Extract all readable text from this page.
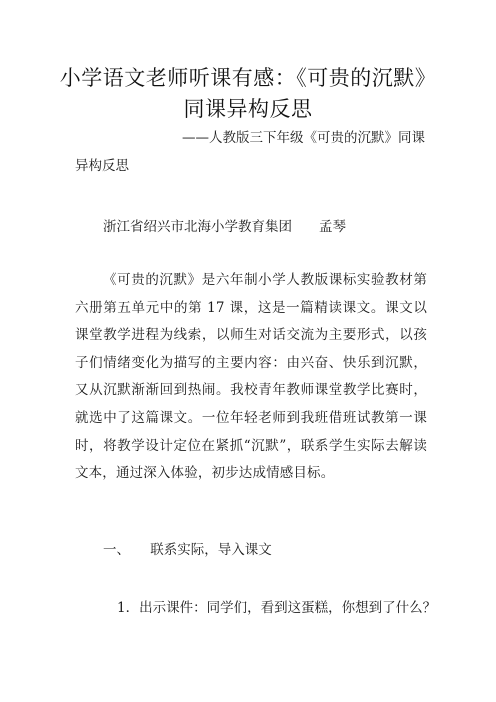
小学语文老师听课有感：《可贵的沉默》
同课异构反思
——人教版三下年级《可贵的沉默》同课
异构反思
浙江省绍兴市北海小学教育集团　　孟琴
《可贵的沉默》是六年制小学人教版课标实验教材第六册第五单元中的第 17 课，这是一篇精读课文。课文以课堂教学进程为线索，以师生对话交流为主要形式，以孩子们情绪变化为描写的主要内容：由兴奋、快乐到沉默，又从沉默渐渐回到热闹。我校青年教师课堂教学比赛时，就选中了这篇课文。一位年轻老师到我班借班试教第一课时，将教学设计定位在紧抓“沉默”，联系学生实际去解读文本，通过深入体验，初步达成情感目标。
一、　　联系实际，导入课文
1．出示课件：同学们，看到这蛋糕，你想到了什么？
